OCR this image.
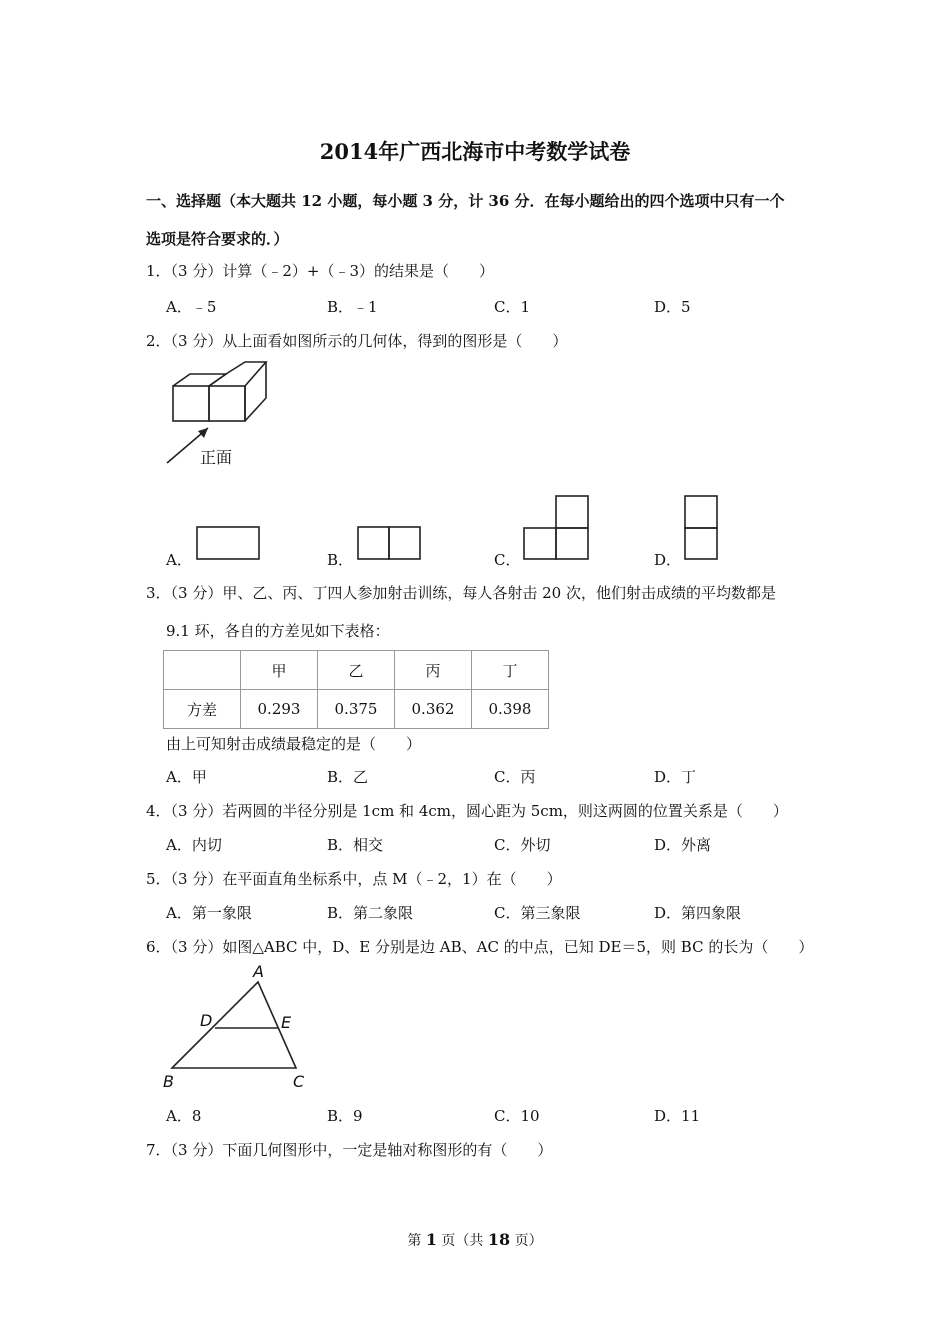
2014年广西北海市中考数学试卷
一、选择题（本大题共 12 小题，每小题 3 分，计 36 分．在每小题给出的四个选项中只有一个
选项是符合要求的．）
1．（3 分）计算（﹣2）+（﹣3）的结果是（　　）
A．﹣5	B．﹣1	C．1	D．5
2．（3 分）从上面看如图所示的几何体，得到的图形是（　　）
正面
A．	B．	C．	D．
3．（3 分）甲、乙、丙、丁四人参加射击训练，每人各射击 20 次，他们射击成绩的平均数都是
9.1 环，各自的方差见如下表格：
	甲	乙	丙	丁
方差	0.293	0.375	0.362	0.398
由上可知射击成绩最稳定的是（　　）
A．甲	B．乙	C．丙	D．丁
4．（3 分）若两圆的半径分别是 1cm 和 4cm，圆心距为 5cm，则这两圆的位置关系是（　　）
A．内切	B．相交	C．外切	D．外离
5．（3 分）在平面直角坐标系中，点 M（﹣2，1）在（　　）
A．第一象限	B．第二象限	C．第三象限	D．第四象限
6．（3 分）如图△ABC 中，D、E 分别是边 AB、AC 的中点，已知 DE＝5，则 BC 的长为（　　）
A
D	E
B	C
A．8	B．9	C．10	D．11
7．（3 分）下面几何图形中，一定是轴对称图形的有（　　）
第 1 页（共 18 页）
